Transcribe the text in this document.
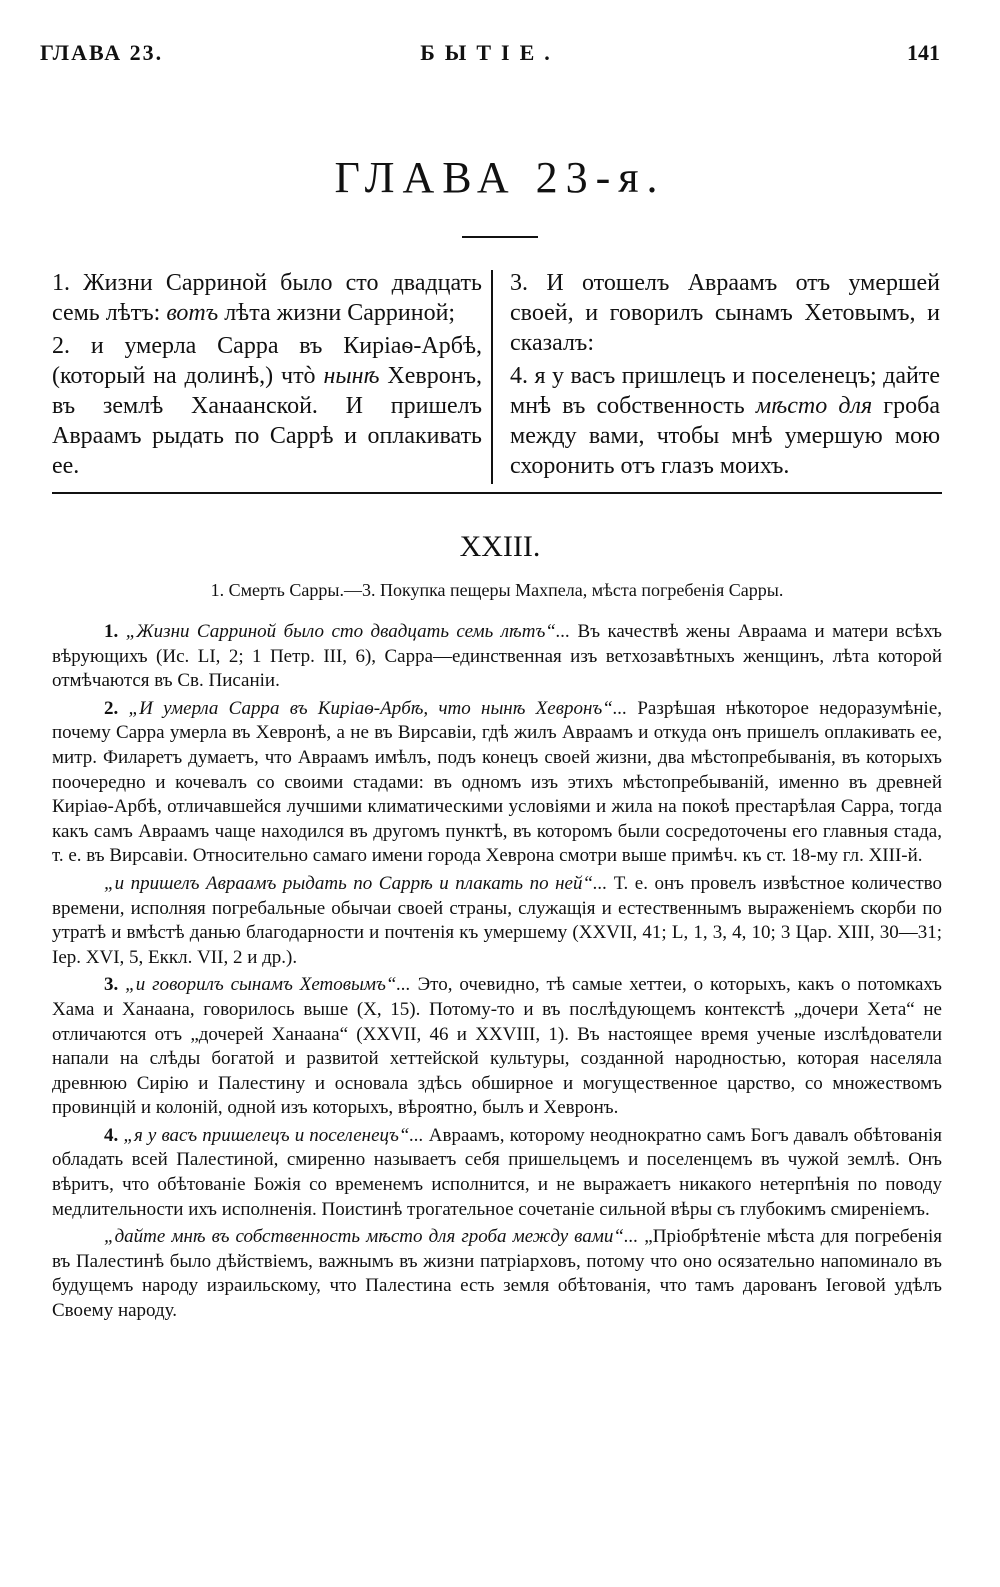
ГЛАВА 23.	БЫТІЕ.	141
ГЛАВА 23-я.

1. Жизни Сарриной было сто двадцать семь лѣтъ: вотъ лѣта жизни Сарриной;

2. и умерла Сарра въ Киріаѳ-Арбѣ, (который на долинѣ,) чтò нынѣ Хевронъ, въ землѣ Ханаанской. И пришелъ Авраамъ рыдать по Саррѣ и оплакивать ее.

3. И отошелъ Авраамъ отъ умершей своей, и говорилъ сынамъ Хетовымъ, и сказалъ:

4. я у васъ пришлецъ и поселенецъ; дайте мнѣ въ собственность мѣсто для гроба между вами, чтобы мнѣ умершую мою схоронить отъ глазъ моихъ.

XXIII.
1. Смерть Сарры.—3. Покупка пещеры Махпела, мѣста погребенія Сарры.

1. „Жизни Сарриной было сто двадцать семь лѣтъ“... Въ качествѣ жены Авраама и матери всѣхъ вѣрующихъ (Ис. LI, 2; 1 Петр. III, 6), Сарра—единственная изъ ветхозавѣтныхъ женщинъ, лѣта которой отмѣчаются въ Св. Писаніи.

2. „И умерла Сарра въ Киріаѳ-Арбѣ, что нынѣ Хевронъ“... Разрѣшая нѣкоторое недоразумѣніе, почему Сарра умерла въ Хевронѣ, а не въ Вирсавіи, гдѣ жилъ Авраамъ и откуда онъ пришелъ оплакивать ее, митр. Филаретъ думаетъ, что Авраамъ имѣлъ, подъ конецъ своей жизни, два мѣстопребыванія, въ которыхъ поочередно и кочевалъ со своими стадами: въ одномъ изъ этихъ мѣстопребываній, именно въ древней Киріаѳ-Арбѣ, отличавшейся лучшими климатическими условіями и жила на покоѣ престарѣлая Сарра, тогда какъ самъ Авраамъ чаще находился въ другомъ пунктѣ, въ которомъ были сосредоточены его главныя стада, т. е. въ Вирсавіи. Относительно самаго имени города Хеврона смотри выше примѣч. къ ст. 18-му гл. XIII-й.

„и пришелъ Авраамъ рыдать по Саррѣ и плакать по ней“... Т. е. онъ провелъ извѣстное количество времени, исполняя погребальные обычаи своей страны, служащія и естественнымъ выраженіемъ скорби по утратѣ и вмѣстѣ данью благодарности и почтенія къ умершему (XXVII, 41; L, 1, 3, 4, 10; 3 Цар. XIII, 30—31; Іер. XVI, 5, Еккл. VII, 2 и др.).

3. „и говорилъ сынамъ Хетовымъ“... Это, очевидно, тѣ самые хеттеи, о которыхъ, какъ о потомкахъ Хама и Ханаана, говорилось выше (X, 15). Потому-то и въ послѣдующемъ контекстѣ „дочери Хета“ не отличаются отъ „дочерей Ханаана“ (XXVII, 46 и XXVIII, 1). Въ настоящее время ученые изслѣдователи напали на слѣды богатой и развитой хеттейской культуры, созданной народностью, которая населяла древнюю Сирію и Палестину и основала здѣсь обширное и могущественное царство, со множествомъ провинцій и колоній, одной изъ которыхъ, вѣроятно, былъ и Хевронъ.

4. „я у васъ пришелецъ и поселенецъ“... Авраамъ, которому неоднократно самъ Богъ давалъ обѣтованія обладать всей Палестиной, смиренно называетъ себя пришельцемъ и поселенцемъ въ чужой землѣ. Онъ вѣритъ, что обѣтованіе Божія со временемъ исполнится, и не выражаетъ никакого нетерпѣнія по поводу медлительности ихъ исполненія. Поистинѣ трогательное сочетаніе сильной вѣры съ глубокимъ смиреніемъ.

„дайте мнѣ въ собственность мѣсто для гроба между вами“... „Пріобрѣтеніе мѣста для погребенія въ Палестинѣ было дѣйствіемъ, важнымъ въ жизни патріарховъ, потому что оно осязательно напоминало въ будущемъ народу израильскому, что Палестина есть земля обѣтованія, что тамъ дарованъ Іеговой удѣлъ Своему народу.
